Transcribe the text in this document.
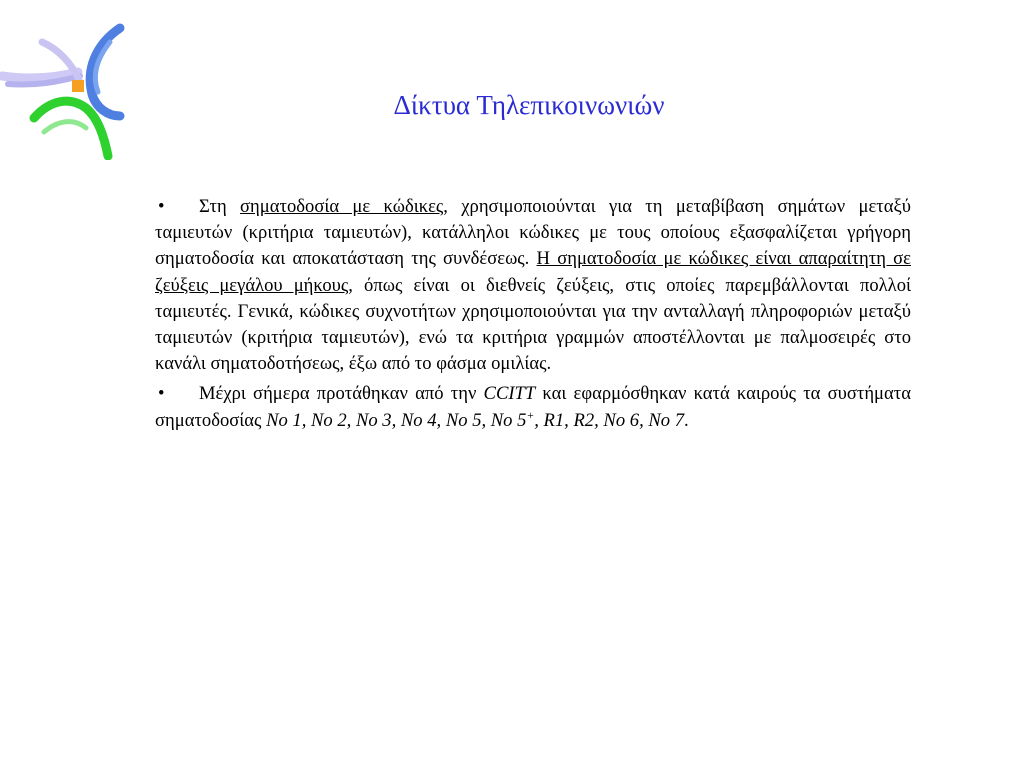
Δίκτυα Τηλεπικοινωνιών
• Στη σηματοδοσία με κώδικες, χρησιμοποιούνται για τη μεταβίβαση σημάτων μεταξύ ταμιευτών (κριτήρια ταμιευτών), κατάλληλοι κώδικες με τους οποίους εξασφαλίζεται γρήγορη σηματοδοσία και αποκατάσταση της συνδέσεως. Η σηματοδοσία με κώδικες είναι απαραίτητη σε ζεύξεις μεγάλου μήκους, όπως είναι οι διεθνείς ζεύξεις, στις οποίες παρεμβάλλονται πολλοί ταμιευτές. Γενικά, κώδικες συχνοτήτων χρησιμοποιούνται για την ανταλλαγή πληροφοριών μεταξύ ταμιευτών (κριτήρια ταμιευτών), ενώ τα κριτήρια γραμμών αποστέλλονται με παλμοσειρές στο κανάλι σηματοδοτήσεως, έξω από το φάσμα ομιλίας.
• Μέχρι σήμερα προτάθηκαν από την CCITT και εφαρμόσθηκαν κατά καιρούς τα συστήματα σηματοδοσίας No 1, No 2, No 3, No 4, No 5, No 5+, R1, R2, No 6, No 7.
